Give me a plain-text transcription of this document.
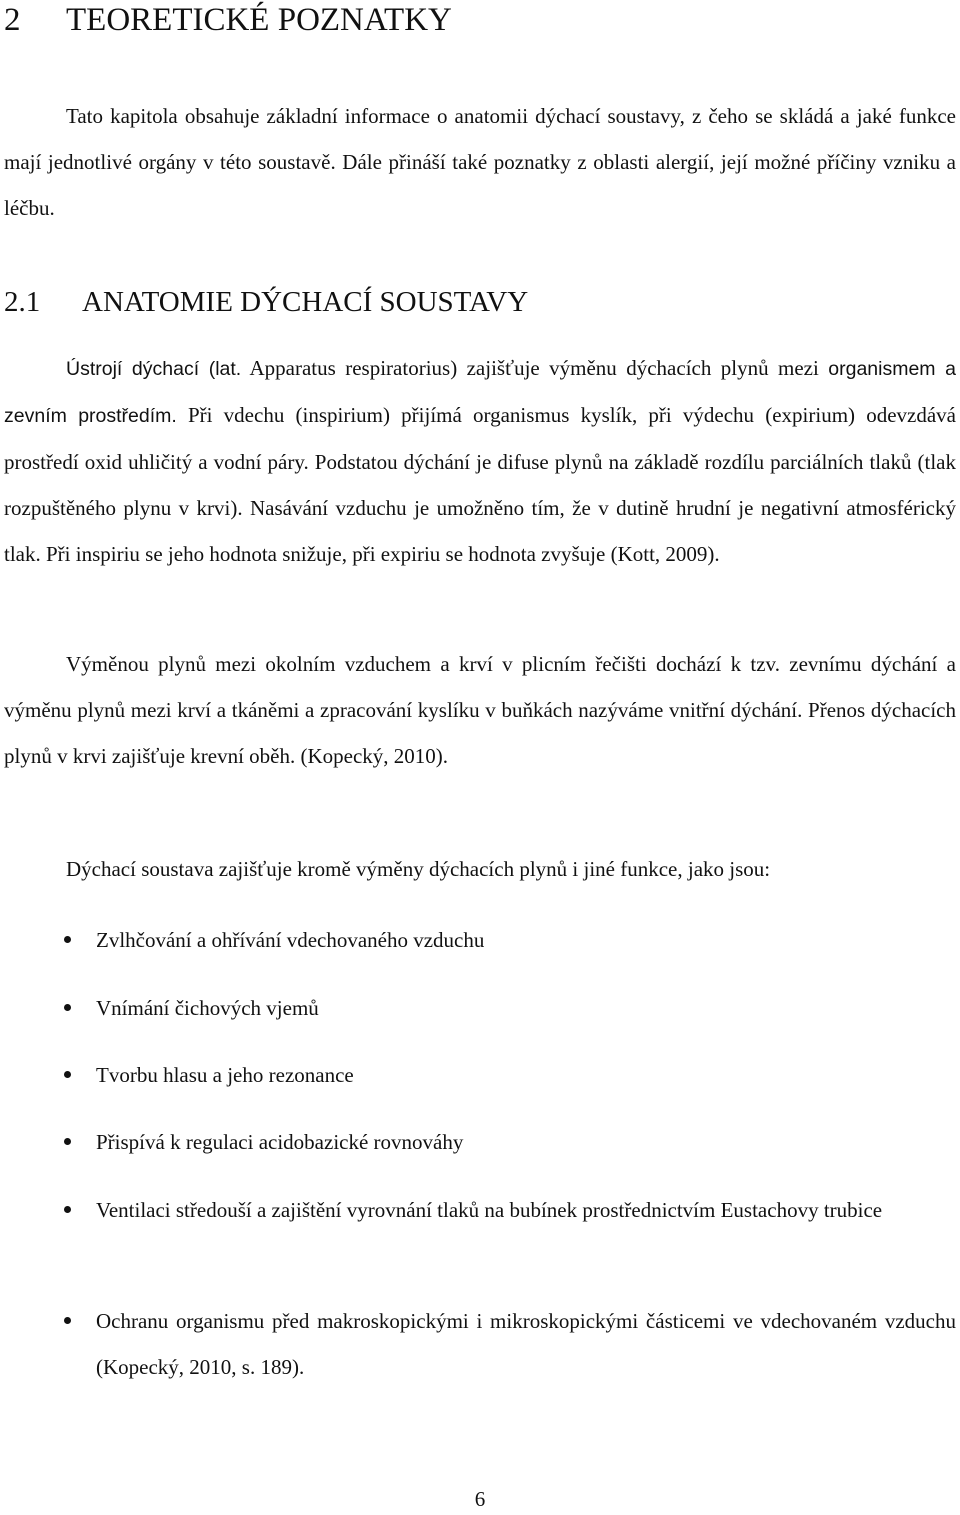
2 TEORETICKÉ POZNATKY

Tato kapitola obsahuje základní informace o anatomii dýchací soustavy, z čeho se skládá a jaké funkce mají jednotlivé orgány v této soustavě. Dále přináší také poznatky z oblasti alergií, její možné příčiny vzniku a léčbu.

2.1 ANATOMIE DÝCHACÍ SOUSTAVY

Ústrojí dýchací (lat. Apparatus respiratorius) zajišťuje výměnu dýchacích plynů mezi organismem a zevním prostředím. Při vdechu (inspirium) přijímá organismus kyslík, při výdechu (expirium) odevzdává prostředí oxid uhličitý a vodní páry. Podstatou dýchání je difuse plynů na základě rozdílu parciálních tlaků (tlak rozpuštěného plynu v krvi). Nasávání vzduchu je umožněno tím, že v dutině hrudní je negativní atmosférický tlak. Při inspiriu se jeho hodnota snižuje, při expiriu se hodnota zvyšuje (Kott, 2009).

Výměnou plynů mezi okolním vzduchem a krví v plicním řečišti dochází k tzv. zevnímu dýchání a výměnu plynů mezi krví a tkáněmi a zpracování kyslíku v buňkách nazýváme vnitřní dýchání. Přenos dýchacích plynů v krvi zajišťuje krevní oběh. (Kopecký, 2010).

Dýchací soustava zajišťuje kromě výměny dýchacích plynů i jiné funkce, jako jsou:

Zvlhčování a ohřívání vdechovaného vzduchu

Vnímání čichových vjemů

Tvorbu hlasu a jeho rezonance

Přispívá k regulaci acidobazické rovnováhy

Ventilaci středouší a zajištění vyrovnání tlaků na bubínek prostřednictvím Eustachovy trubice

Ochranu organismu před makroskopickými i mikroskopickými částicemi ve vdechovaném vzduchu (Kopecký, 2010, s. 189).

6
